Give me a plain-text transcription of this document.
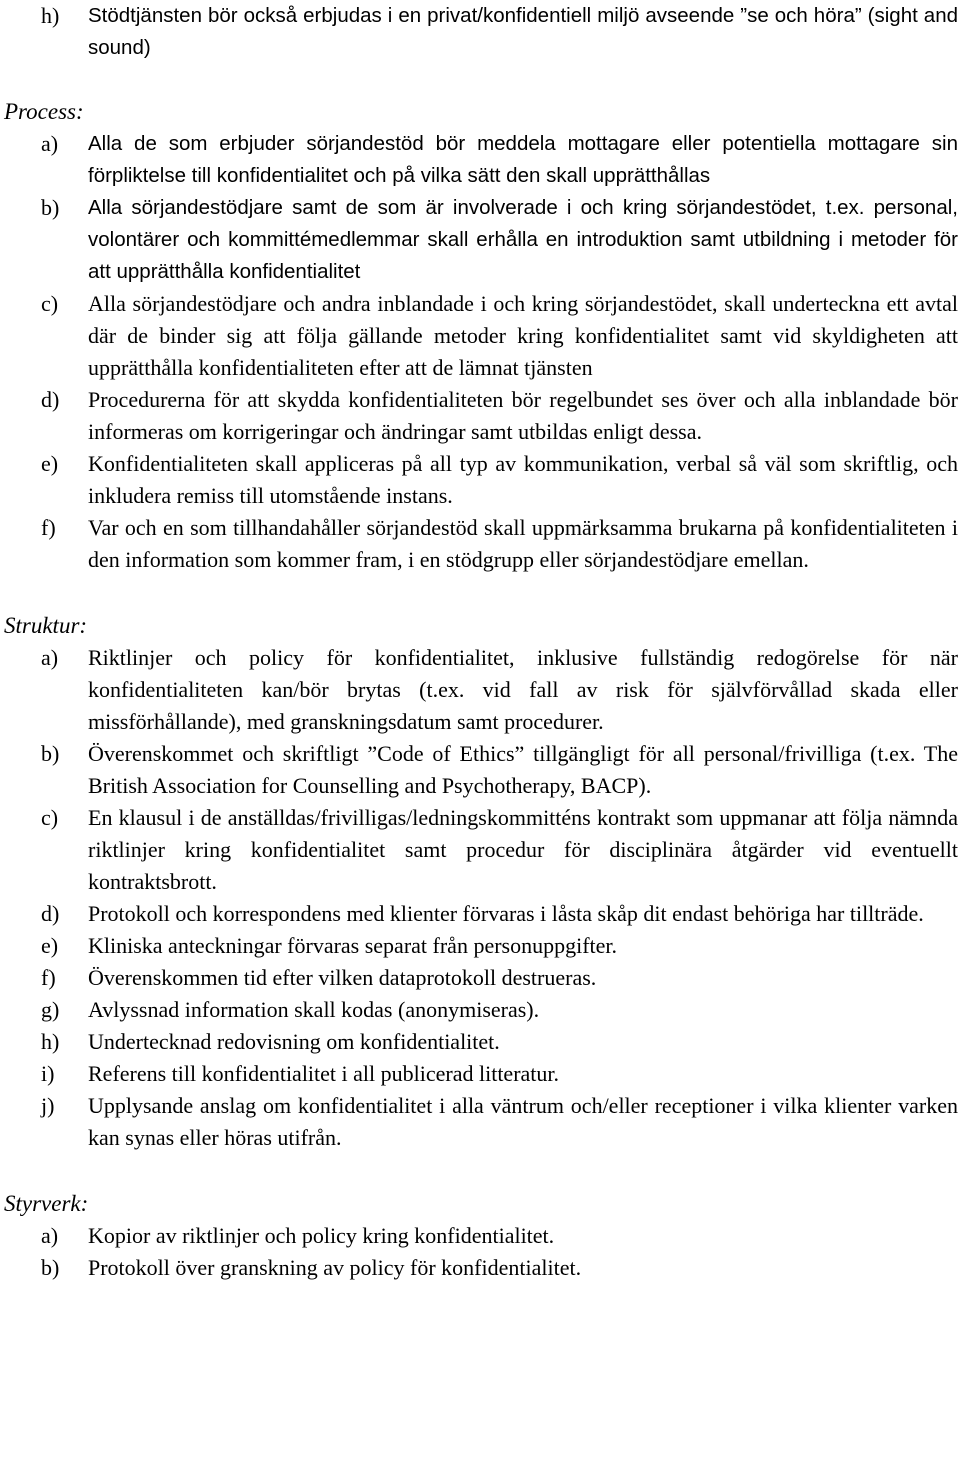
h)	Stödtjänsten bör också erbjudas i en privat/konfidentiell miljö avseende ”se och höra” (sight and sound)
Process:
a)	Alla de som erbjuder sörjandestöd bör meddela mottagare eller potentiella mottagare sin förpliktelse till konfidentialitet och på vilka sätt den skall upprätthållas
b)	Alla sörjandestödjare samt de som är involverade i och kring sörjandestödet, t.ex. personal, volontärer och kommittémedlemmar skall erhålla en introduktion samt utbildning i metoder för att upprätthålla konfidentialitet
c)	Alla sörjandestödjare och andra inblandade i och kring sörjandestödet, skall underteckna ett avtal där de binder sig att följa gällande metoder kring konfidentialitet samt vid skyldigheten att upprätthålla konfidentialiteten efter att de lämnat tjänsten
d)	Procedurerna för att skydda konfidentialiteten bör regelbundet ses över och alla inblandade bör informeras om korrigeringar och ändringar samt utbildas enligt dessa.
e)	Konfidentialiteten skall appliceras på all typ av kommunikation, verbal så väl som skriftlig, och inkludera remiss till utomstående instans.
f)	Var och en som tillhandahåller sörjandestöd skall uppmärksamma brukarna på konfidentialiteten i den information som kommer fram, i en stödgrupp eller sörjandestödjare emellan.
Struktur:
a)	Riktlinjer och policy för konfidentialitet, inklusive fullständig redogörelse för när konfidentialiteten kan/bör brytas (t.ex. vid fall av risk för självförvållad skada eller missförhållande), med granskningsdatum samt procedurer.
b)	Överenskommet och skriftligt ”Code of Ethics” tillgängligt för all personal/frivilliga (t.ex. The British Association for Counselling and Psychotherapy, BACP).
c)	En klausul i de anställdas/frivilligas/ledningskommitténs kontrakt som uppmanar att följa nämnda riktlinjer kring konfidentialitet samt procedur för disciplinära åtgärder vid eventuellt kontraktsbrott.
d)	Protokoll och korrespondens med klienter förvaras i låsta skåp dit endast behöriga har tillträde.
e)	Kliniska anteckningar förvaras separat från personuppgifter.
f)	Överenskommen tid efter vilken dataprotokoll destrueras.
g)	Avlyssnad information skall kodas (anonymiseras).
h)	Undertecknad redovisning om konfidentialitet.
i)	Referens till konfidentialitet i all publicerad litteratur.
j)	Upplysande anslag om konfidentialitet i alla väntrum och/eller receptioner i vilka klienter varken kan synas eller höras utifrån.
Styrverk:
a)	Kopior av riktlinjer och policy kring konfidentialitet.
b)	Protokoll över granskning av policy för konfidentialitet.
